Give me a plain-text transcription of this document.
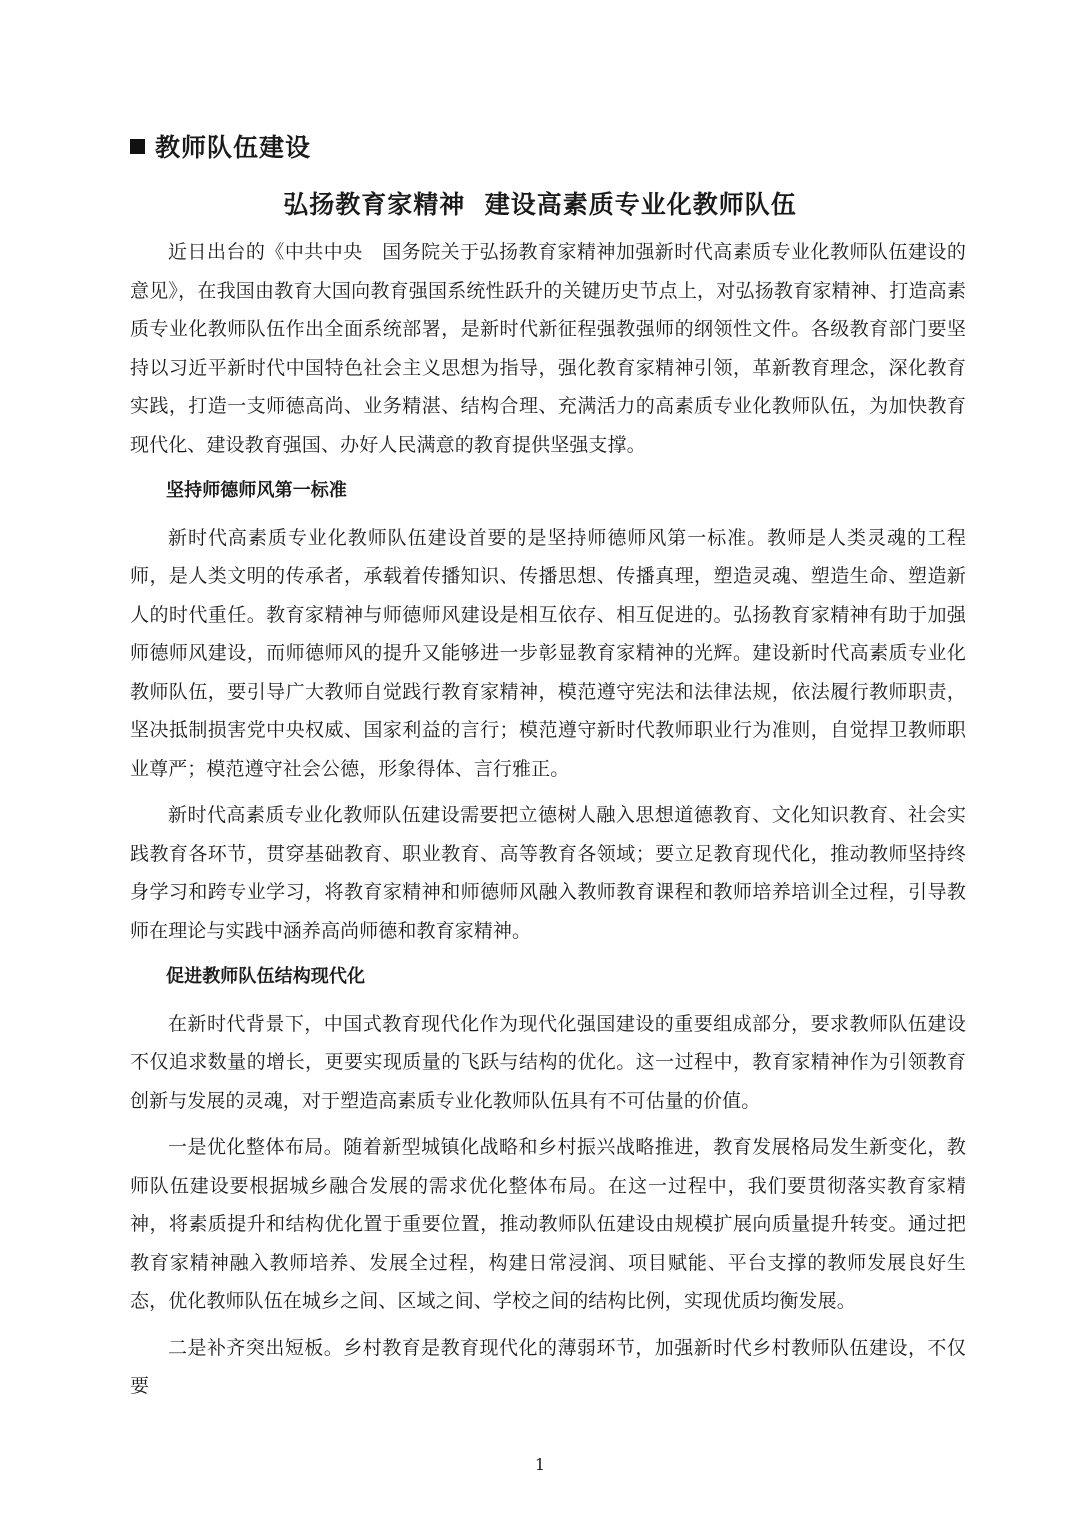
教师队伍建设
弘扬教育家精神  建设高素质专业化教师队伍

近日出台的《中共中央　国务院关于弘扬教育家精神加强新时代高素质专业化教师队伍建设的意见》，在我国由教育大国向教育强国系统性跃升的关键历史节点上，对弘扬教育家精神、打造高素质专业化教师队伍作出全面系统部署，是新时代新征程强教强师的纲领性文件。各级教育部门要坚持以习近平新时代中国特色社会主义思想为指导，强化教育家精神引领，革新教育理念，深化教育实践，打造一支师德高尚、业务精湛、结构合理、充满活力的高素质专业化教师队伍，为加快教育现代化、建设教育强国、办好人民满意的教育提供坚强支撑。

坚持师德师风第一标准

新时代高素质专业化教师队伍建设首要的是坚持师德师风第一标准。教师是人类灵魂的工程师，是人类文明的传承者，承载着传播知识、传播思想、传播真理，塑造灵魂、塑造生命、塑造新人的时代重任。教育家精神与师德师风建设是相互依存、相互促进的。弘扬教育家精神有助于加强师德师风建设，而师德师风的提升又能够进一步彰显教育家精神的光辉。建设新时代高素质专业化教师队伍，要引导广大教师自觉践行教育家精神，模范遵守宪法和法律法规，依法履行教师职责，坚决抵制损害党中央权威、国家利益的言行；模范遵守新时代教师职业行为准则，自觉捍卫教师职业尊严；模范遵守社会公德，形象得体、言行雅正。

新时代高素质专业化教师队伍建设需要把立德树人融入思想道德教育、文化知识教育、社会实践教育各环节，贯穿基础教育、职业教育、高等教育各领域；要立足教育现代化，推动教师坚持终身学习和跨专业学习，将教育家精神和师德师风融入教师教育课程和教师培养培训全过程，引导教师在理论与实践中涵养高尚师德和教育家精神。

促进教师队伍结构现代化

在新时代背景下，中国式教育现代化作为现代化强国建设的重要组成部分，要求教师队伍建设不仅追求数量的增长，更要实现质量的飞跃与结构的优化。这一过程中，教育家精神作为引领教育创新与发展的灵魂，对于塑造高素质专业化教师队伍具有不可估量的价值。

一是优化整体布局。随着新型城镇化战略和乡村振兴战略推进，教育发展格局发生新变化，教师队伍建设要根据城乡融合发展的需求优化整体布局。在这一过程中，我们要贯彻落实教育家精神，将素质提升和结构优化置于重要位置，推动教师队伍建设由规模扩展向质量提升转变。通过把教育家精神融入教师培养、发展全过程，构建日常浸润、项目赋能、平台支撑的教师发展良好生态，优化教师队伍在城乡之间、区域之间、学校之间的结构比例，实现优质均衡发展。

二是补齐突出短板。乡村教育是教育现代化的薄弱环节，加强新时代乡村教师队伍建设，不仅要

1
